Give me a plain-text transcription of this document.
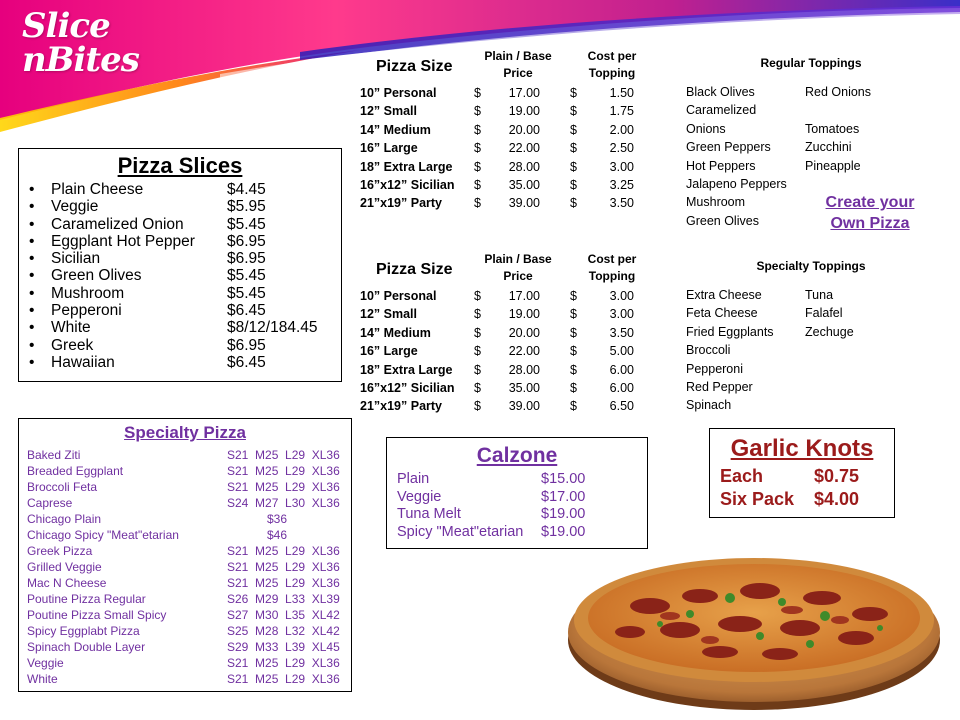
Slice
nBites	Pizza Size
Plain / Base Price
Cost per Topping
10” Personal	$	17.00 $	1.50
12” Small	$	19.00 $	1.75
14” Medium	$	20.00 $	2.00
16” Large	$	22.00 $	2.50
18” Extra Large $	28.00 $	3.00
16”x12” Sicilian $	35.00 $	3.25
21”x19” Party	$	39.00 $	3.50
Regular Toppings
Black Olives
Caramelized
Onions
Green Peppers
Hot Peppers
Jalapeno Peppers
Mushroom
Green Olives
Red Onions
Tomatoes
Zucchini
Pineapple
Create your
Own Pizza
Pizza Size
Plain / Base Price
Cost per Topping
10” Personal	$	17.00 $	3.00
12” Small	$	19.00 $	3.00
14” Medium	$	20.00 $	3.50
16” Large	$	22.00 $	5.00
18” Extra Large $	28.00 $	6.00
16”x12” Sicilian $	35.00 $	6.00
21”x19” Party	$	39.00 $	6.50
Specialty Toppings
Extra Cheese
Feta Cheese
Fried Eggplants
Broccoli
Pepperoni
Red Pepper
Spinach
Tuna
Falafel
Zechuge
Pizza Slices
• Plain Cheese	$4.45
• Veggie	$5.95
• Caramelized Onion	$5.45
• Eggplant Hot Pepper $6.95
• Sicilian	$6.95
• Green Olives	$5.45
• Mushroom	$5.45
• Pepperoni	$6.45
• White	$8/12/184.45
• Greek	$6.95
• Hawaiian	$6.45
Specialty Pizza
Baked Ziti	S21  M25  L29  XL36
Breaded Eggplant	S21  M25  L29  XL36
Broccoli Feta	S21  M25  L29  XL36
Caprese	S24  M27  L30  XL36
Chicago Plain	$36
Chicago Spicy "Meat"etarian	$46
Greek Pizza	S21  M25  L29  XL36
Grilled Veggie	S21  M25  L29  XL36
Mac N Cheese	S21  M25  L29  XL36
Poutine Pizza Regular	S26  M29  L33  XL39
Poutine Pizza Small Spicy	S27  M30  L35  XL42
Spicy Eggplabt Pizza	S25  M28  L32  XL42
Spinach Double Layer	S29  M33  L39  XL45
Veggie	S21  M25  L29  XL36
White	S21  M25  L29  XL36
Calzone
Plain	$15.00
Veggie	$17.00
Tuna Melt	$19.00
Spicy "Meat"etarian $19.00
Garlic Knots
Each	$0.75
Six Pack $4.00
